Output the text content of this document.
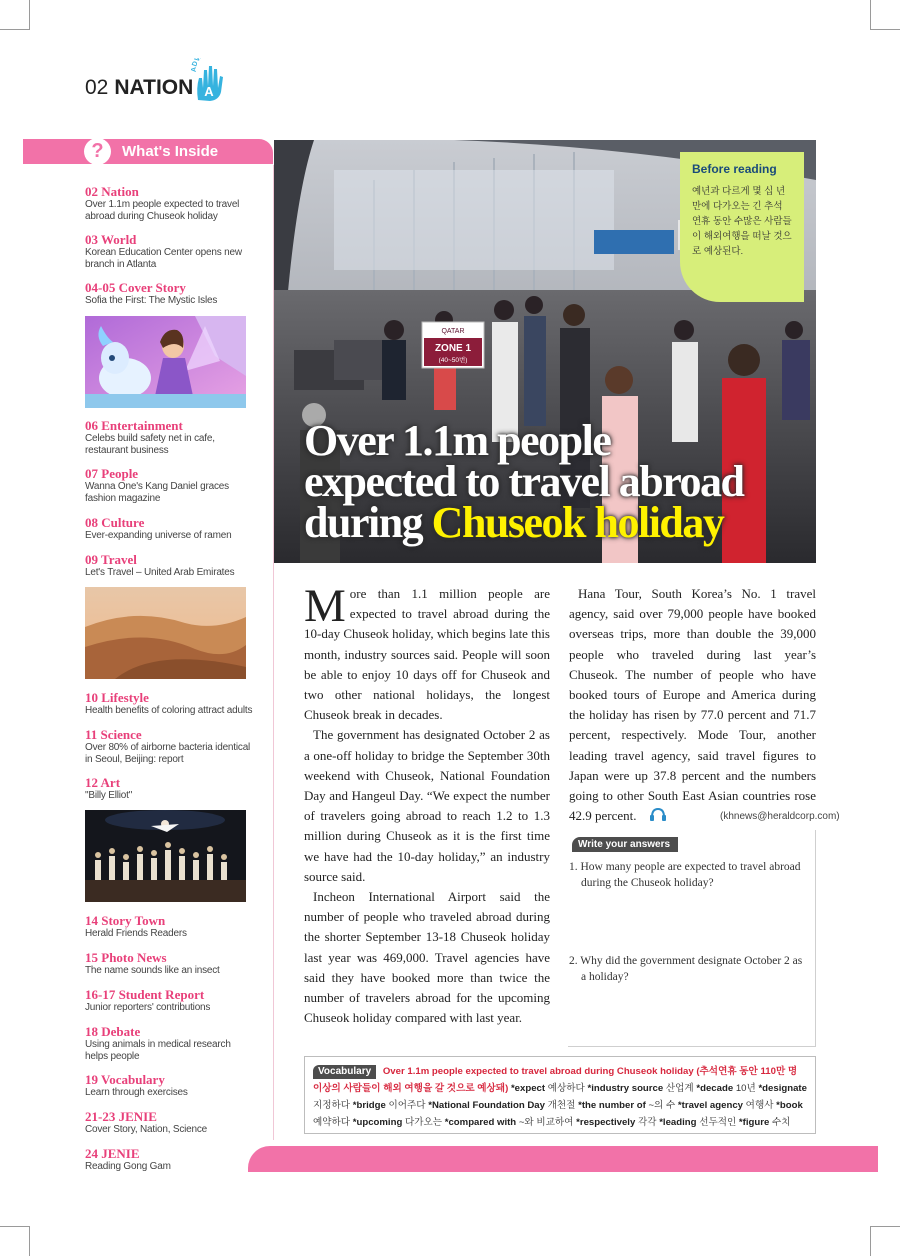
02 NATION A
ADV
?	What's Inside
02 Nation
Over 1.1m people expected to travel abroad during Chuseok holiday
03 World
Korean Education Center opens new branch in Atlanta
04-05 Cover Story
Sofia the First: The Mystic Isles
06 Entertainment
Celebs build safety net in cafe, restaurant business
07 People
Wanna One's Kang Daniel graces fashion magazine
08 Culture
Ever-expanding universe of ramen
09 Travel
Let's Travel – United Arab Emirates
10 Lifestyle
Health benefits of coloring attract adults
11 Science
Over 80% of airborne bacteria identical in Seoul, Beijing: report
12 Art
"Billy Elliot"
14 Story Town
Herald Friends Readers
15 Photo News
The name sounds like an insect
16-17 Student Report
Junior reporters' contributions
18 Debate
Using animals in medical research helps people
19 Vocabulary
Learn through exercises
21-23 JENIE
Cover Story, Nation, Science
24 JENIE
Reading Gong Gam
QATAR
ZONE 1
(40~50번)
Before reading
예년과 다르게 몇 십 년 만에 다가오는 긴 추석 연휴 동안 수많은 사람들이 해외여행을 떠날 것으로 예상된다.
Over 1.1m people
expected to travel abroad
during Chuseok holiday

More than 1.1 million people are expected to travel abroad during the 10-day Chuseok holiday, which begins late this month, industry sources said. People will soon be able to enjoy 10 days off for Chuseok and two other national holidays, the longest Chuseok break in decades.

The government has designated October 2 as a one-off holiday to bridge the September 30th weekend with Chuseok, National Foundation Day and Hangeul Day. “We expect the number of travelers going abroad to reach 1.2 to 1.3 million during Chuseok as it is the first time we have had the 10-day holiday,” an industry source said.

Incheon International Airport said the number of people who traveled abroad during the shorter September 13-18 Chuseok holiday last year was 469,000. Travel agencies have said they have booked more than twice the number of travelers abroad for the upcoming Chuseok holiday compared with last year.

Hana Tour, South Korea’s No. 1 travel agency, said over 79,000 people have booked overseas trips, more than double the 39,000 people who traveled during last year’s Chuseok. The number of people who have booked tours of Europe and America during the holiday has risen by 77.0 percent and 71.7 percent, respectively. Mode Tour, another leading travel agency, said travel figures to Japan were up 37.8 percent and the numbers going to other South East Asian countries rose 42.9 percent.	(khnews@heraldcorp.com)
Write your answers
1. How many people are expected to travel abroad during the Chuseok holiday?
2. Why did the government designate October 2 as a holiday?
Vocabulary Over 1.1m people expected to travel abroad during Chuseok holiday (추석연휴 동안 110만 명 이상의 사람들이 해외 여행을 갈 것으로 예상돼) *expect 예상하다 *industry source 산업계 *decade 10년 *designate 지정하다 *bridge 이어주다 *National Foundation Day 개천절 *the number of ~의 수 *travel agency 여행사 *book 예약하다 *upcoming 다가오는 *compared with ~와 비교하여 *respectively 각각 *leading 선두적인 *figure 수치
